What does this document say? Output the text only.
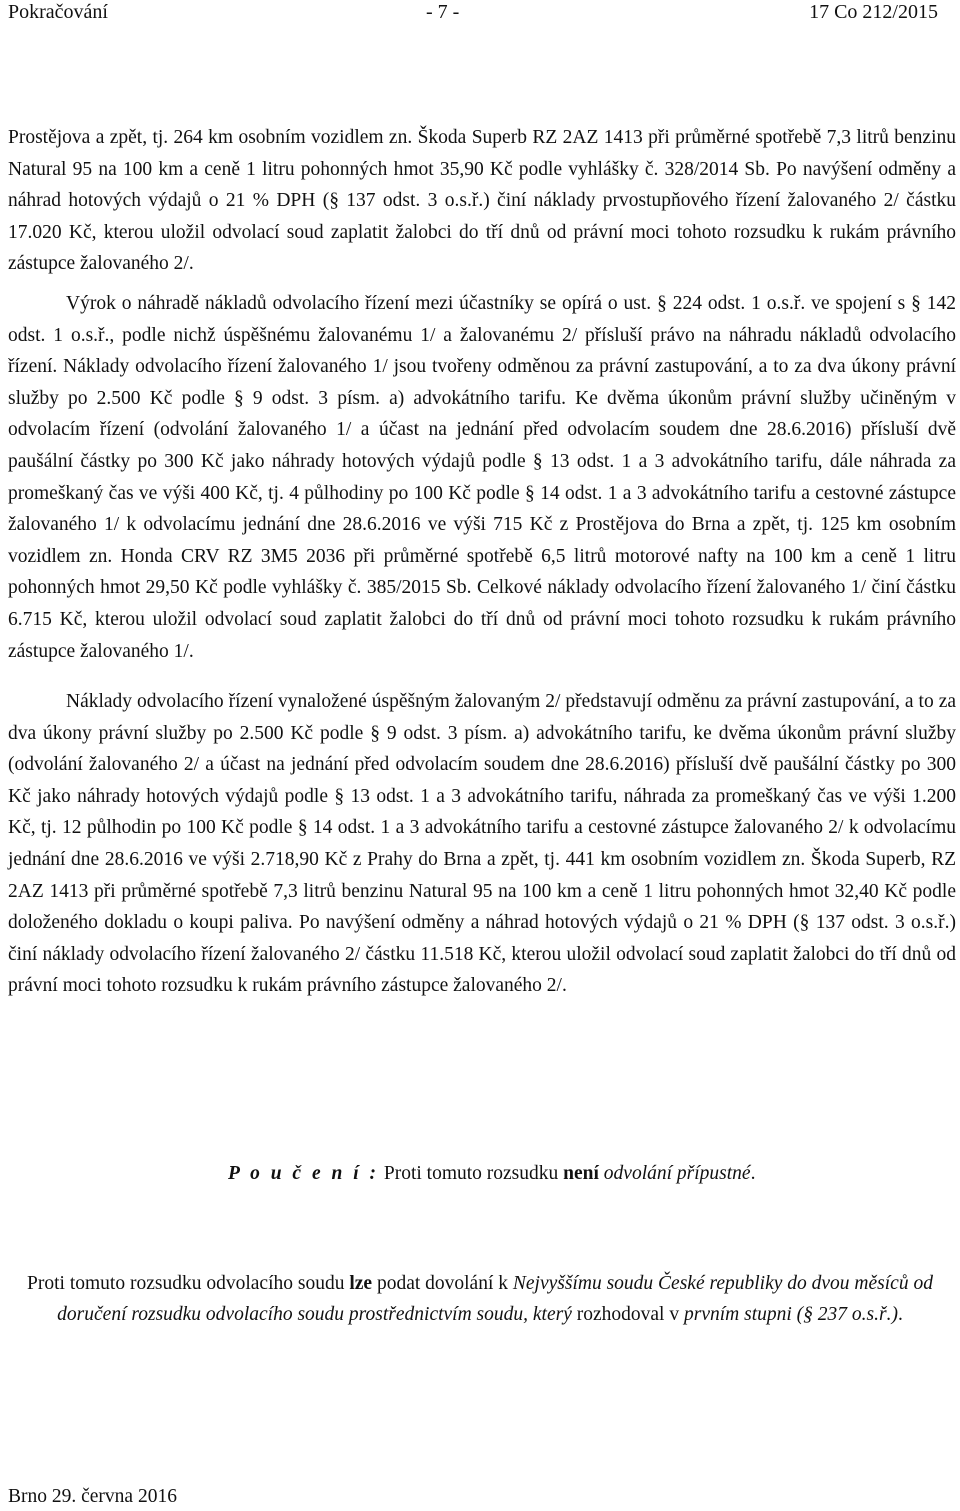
Pokračování	- 7 -	17 Co 212/2015

Prostějova a zpět, tj. 264 km osobním vozidlem zn. Škoda Superb RZ 2AZ 1413 při průměrné spotřebě 7,3 litrů benzinu Natural 95 na 100 km a ceně 1 litru pohonných hmot 35,90 Kč podle vyhlášky č. 328/2014 Sb. Po navýšení odměny a náhrad hotových výdajů o 21 % DPH (§ 137 odst. 3 o.s.ř.) činí náklady prvostupňového řízení žalovaného 2/ částku 17.020 Kč, kterou uložil odvolací soud zaplatit žalobci do tří dnů od právní moci tohoto rozsudku k rukám právního zástupce žalovaného 2/.

Výrok o náhradě nákladů odvolacího řízení mezi účastníky se opírá o ust. § 224 odst. 1 o.s.ř. ve spojení s § 142 odst. 1 o.s.ř., podle nichž úspěšnému žalovanému 1/ a žalovanému 2/ přísluší právo na náhradu nákladů odvolacího řízení. Náklady odvolacího řízení žalovaného 1/ jsou tvořeny odměnou za právní zastupování, a to za dva úkony právní služby po 2.500 Kč podle § 9 odst. 3 písm. a) advokátního tarifu. Ke dvěma úkonům právní služby učiněným v odvolacím řízení (odvolání žalovaného 1/ a účast na jednání před odvolacím soudem dne 28.6.2016) přísluší dvě paušální částky po 300 Kč jako náhrady hotových výdajů podle § 13 odst. 1 a 3 advokátního tarifu, dále náhrada za promeškaný čas ve výši 400 Kč, tj. 4 půlhodiny po 100 Kč podle § 14 odst. 1 a 3 advokátního tarifu a cestovné zástupce žalovaného 1/ k odvolacímu jednání dne 28.6.2016 ve výši 715 Kč z Prostějova do Brna a zpět, tj. 125 km osobním vozidlem zn. Honda CRV RZ 3M5 2036 při průměrné spotřebě 6,5 litrů motorové nafty na 100 km a ceně 1 litru pohonných hmot 29,50 Kč podle vyhlášky č. 385/2015 Sb. Celkové náklady odvolacího řízení žalovaného 1/ činí částku 6.715 Kč, kterou uložil odvolací soud zaplatit žalobci do tří dnů od právní moci tohoto rozsudku k rukám právního zástupce žalovaného 1/.

Náklady odvolacího řízení vynaložené úspěšným žalovaným 2/ představují odměnu za právní zastupování, a to za dva úkony právní služby po 2.500 Kč podle § 9 odst. 3 písm. a) advokátního tarifu, ke dvěma úkonům právní služby (odvolání žalovaného 2/ a účast na jednání před odvolacím soudem dne 28.6.2016) přísluší dvě paušální částky po 300 Kč jako náhrady hotových výdajů podle § 13 odst. 1 a 3 advokátního tarifu, náhrada za promeškaný čas ve výši 1.200 Kč, tj. 12 půlhodin po 100 Kč podle § 14 odst. 1 a 3 advokátního tarifu a cestovné zástupce žalovaného 2/ k odvolacímu jednání dne 28.6.2016 ve výši 2.718,90 Kč z Prahy do Brna a zpět, tj. 441 km osobním vozidlem zn. Škoda Superb, RZ 2AZ 1413 při průměrné spotřebě 7,3 litrů benzinu Natural 95 na 100 km a ceně 1 litru pohonných hmot 32,40 Kč podle doloženého dokladu o koupi paliva. Po navýšení odměny a náhrad hotových výdajů o 21 % DPH (§ 137 odst. 3 o.s.ř.) činí náklady odvolacího řízení žalovaného 2/ částku 11.518 Kč, kterou uložil odvolací soud zaplatit žalobci do tří dnů od právní moci tohoto rozsudku k rukám právního zástupce žalovaného 2/.

P o u č e n í : Proti tomuto rozsudku není odvolání přípustné.
Proti tomuto rozsudku odvolacího soudu lze podat dovolání k Nejvyššímu soudu České republiky do dvou měsíců od doručení rozsudku odvolacího soudu prostřednictvím soudu, který rozhodoval v prvním stupni (§ 237 o.s.ř.).
Brno 29. června 2016
